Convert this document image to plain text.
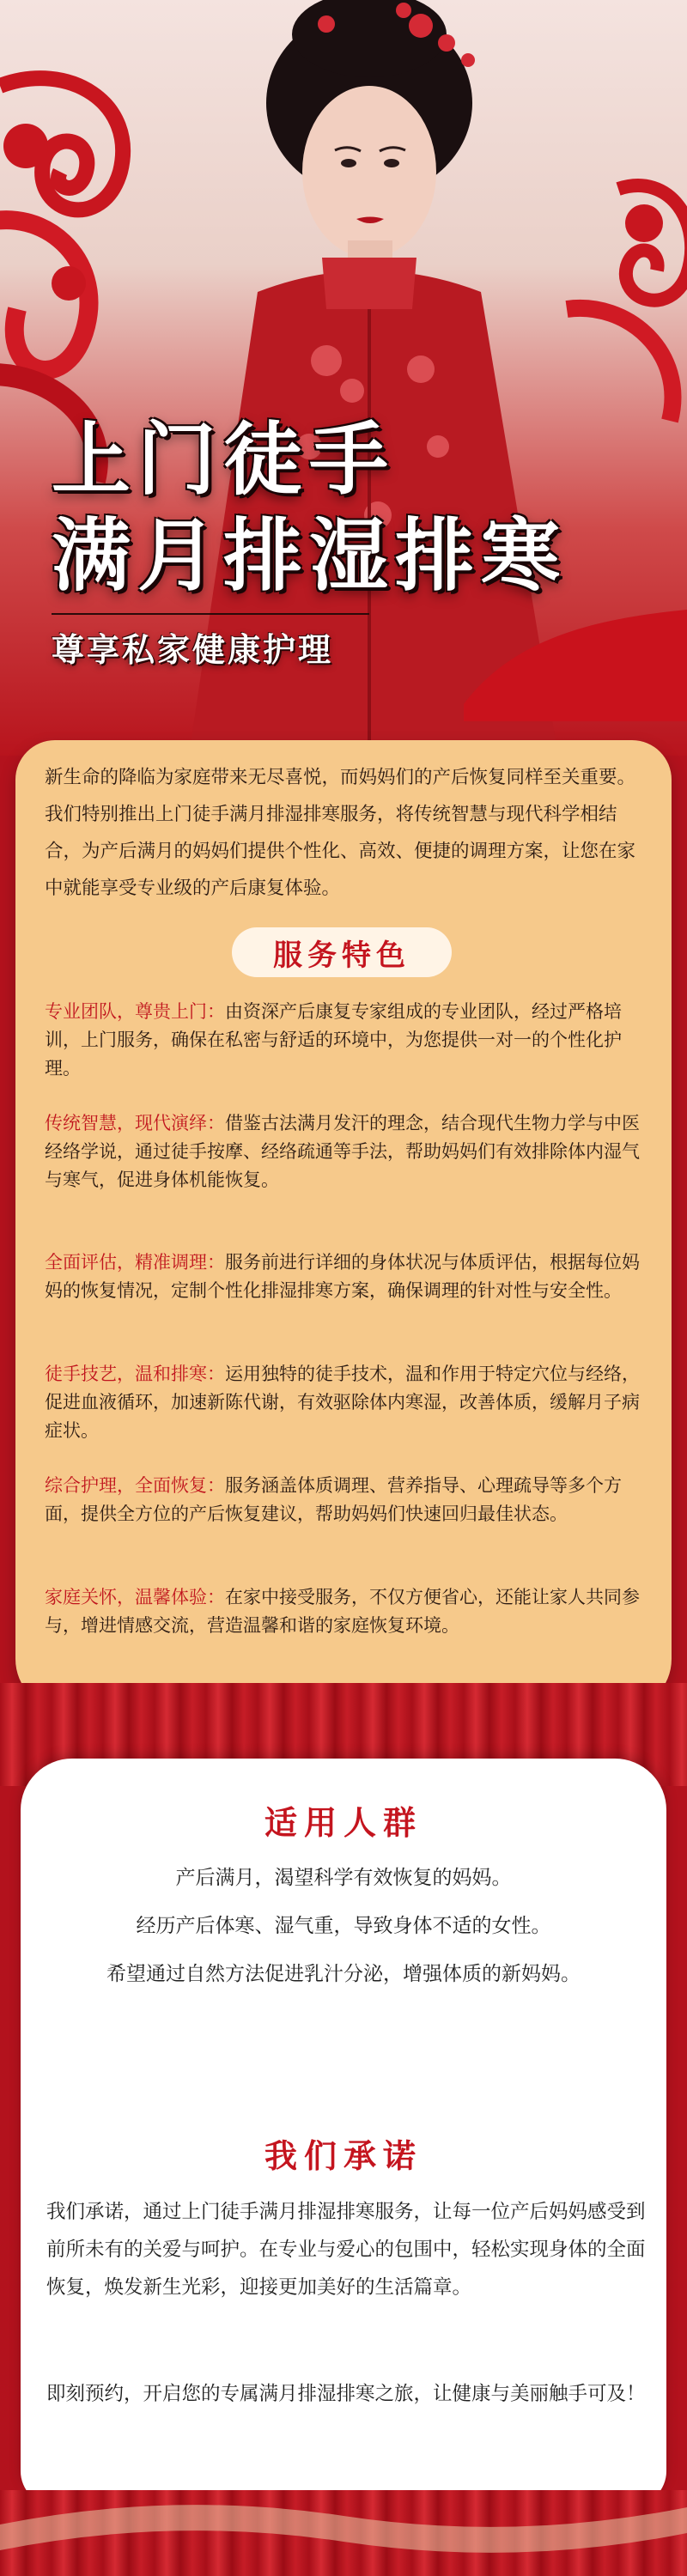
上门徒手
满月排湿排寒
尊享私家健康护理
新生命的降临为家庭带来无尽喜悦，而妈妈们的产后恢复同样至关重要。我们特别推出上门徒手满月排湿排寒服务，将传统智慧与现代科学相结合，为产后满月的妈妈们提供个性化、高效、便捷的调理方案，让您在家中就能享受专业级的产后康复体验。
服务特色
专业团队，尊贵上门：由资深产后康复专家组成的专业团队，经过严格培训，上门服务，确保在私密与舒适的环境中，为您提供一对一的个性化护理。
传统智慧，现代演绎：借鉴古法满月发汗的理念，结合现代生物力学与中医经络学说，通过徒手按摩、经络疏通等手法，帮助妈妈们有效排除体内湿气与寒气，促进身体机能恢复。
全面评估，精准调理：服务前进行详细的身体状况与体质评估，根据每位妈妈的恢复情况，定制个性化排湿排寒方案，确保调理的针对性与安全性。
徒手技艺，温和排寒：运用独特的徒手技术，温和作用于特定穴位与经络，促进血液循环，加速新陈代谢，有效驱除体内寒湿，改善体质，缓解月子病症状。
综合护理，全面恢复：服务涵盖体质调理、营养指导、心理疏导等多个方面，提供全方位的产后恢复建议，帮助妈妈们快速回归最佳状态。
家庭关怀，温馨体验：在家中接受服务，不仅方便省心，还能让家人共同参与，增进情感交流，营造温馨和谐的家庭恢复环境。
适用人群
产后满月，渴望科学有效恢复的妈妈。
经历产后体寒、湿气重，导致身体不适的女性。
希望通过自然方法促进乳汁分泌，增强体质的新妈妈。
我们承诺
我们承诺，通过上门徒手满月排湿排寒服务，让每一位产后妈妈感受到前所未有的关爱与呵护。在专业与爱心的包围中，轻松实现身体的全面恢复，焕发新生光彩，迎接更加美好的生活篇章。
即刻预约，开启您的专属满月排湿排寒之旅，让健康与美丽触手可及！
